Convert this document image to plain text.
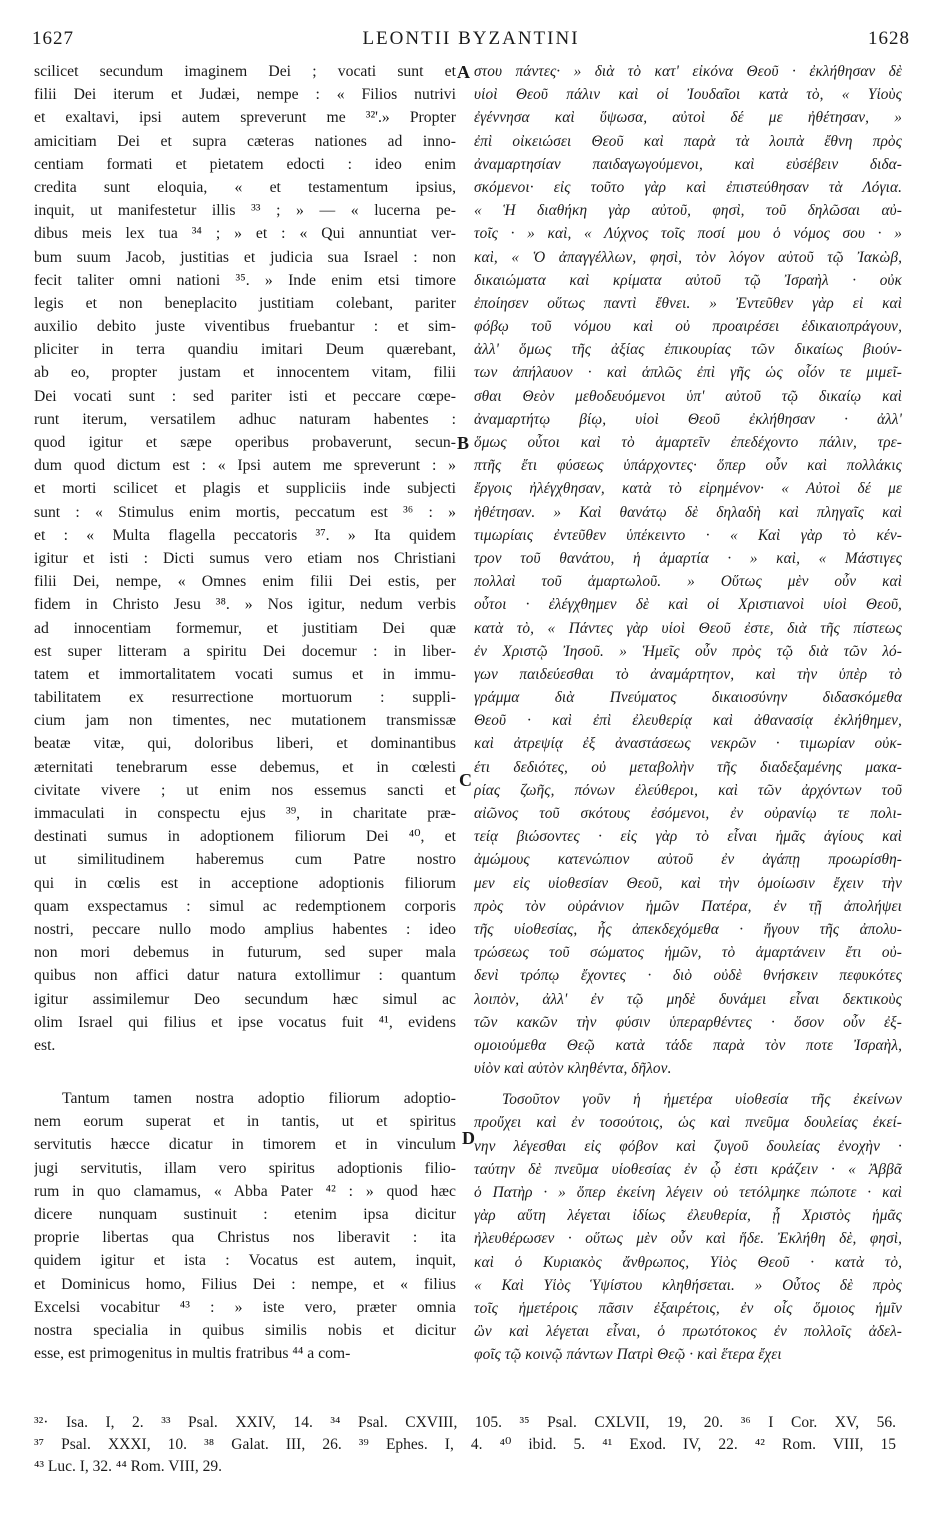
1627	LEONTII BYZANTINI	1628
scilicet secundum imaginem Dei ; vocati sunt et
filii Dei iterum et Judæi, nempe : « Filios nutrivi
et exaltavi, ipsi autem spreverunt me ³²'.» Propter
amicitiam Dei et supra cæteras nationes ad inno-
centiam formati et pietatem edocti : ideo enim
credita sunt eloquia, « et testamentum ipsius,
inquit, ut manifestetur illis ³³ ; » — « lucerna pe-
dibus meis lex tua ³⁴ ; » et : « Qui annuntiat ver-
bum suum Jacob, justitias et judicia sua Israel : non
fecit taliter omni nationi ³⁵. » Inde enim etsi timore
legis et non beneplacito justitiam colebant, pariter
auxilio debito juste viventibus fruebantur : et sim-
pliciter in terra quandiu imitari Deum quærebant,
ab eo, propter justam et innocentem vitam, filii
Dei vocati sunt : sed pariter isti et peccare cœpe-
runt iterum, versatilem adhuc naturam habentes :
quod igitur et sæpe operibus probaverunt, secun-
dum quod dictum est : « Ipsi autem me spreverunt : »
et morti scilicet et plagis et suppliciis inde subjecti
sunt : « Stimulus enim mortis, peccatum est ³⁶ : »
et : « Multa flagella peccatoris ³⁷. » Ita quidem
igitur et isti : Dicti sumus vero etiam nos Christiani
filii Dei, nempe, « Omnes enim filii Dei estis, per
fidem in Christo Jesu ³⁸. » Nos igitur, nedum verbis
ad innocentiam formemur, et justitiam Dei quæ
est super litteram a spiritu Dei docemur : in liber-
tatem et immortalitatem vocati sumus et in immu-
tabilitatem ex resurrectione mortuorum : suppli-
cium jam non timentes, nec mutationem transmissæ
beatæ vitæ, qui, doloribus liberi, et dominantibus
æternitati tenebrarum esse debemus, et in cœlesti
civitate vivere ; ut enim nos essemus sancti et
immaculati in conspectu ejus ³⁹, in charitate præ-
destinati sumus in adoptionem filiorum Dei ⁴⁰, et
ut similitudinem haberemus cum Patre nostro
qui in cœlis est in acceptione adoptionis filiorum
quam exspectamus : simul ac redemptionem corporis
nostri, peccare nullo modo amplius habentes : ideo
non mori debemus in futurum, sed super mala
quibus non affici datur natura extollimur : quantum
igitur assimilemur Deo secundum hæc simul ac
olim Israel qui filius et ipse vocatus fuit ⁴¹, evidens
est.
Tantum tamen nostra adoptio filiorum adoptio-
nem eorum superat et in tantis, ut et spiritus
servitutis hæcce dicatur in timorem et in vinculum
jugi servitutis, illam vero spiritus adoptionis filio-
rum in quo clamamus, « Abba Pater ⁴² : » quod hæc
dicere nunquam sustinuit : etenim ipsa dicitur
proprie libertas qua Christus nos liberavit : ita
quidem igitur et ista : Vocatus est autem, inquit,
et Dominicus homo, Filius Dei : nempe, et « filius
Excelsi vocabitur ⁴³ : » iste vero, præter omnia
nostra specialia in quibus similis nobis et dicitur
esse, est primogenitus in multis fratribus ⁴⁴ a com-
στου πάντες· » διὰ τὸ κατ' εἰκόνα Θεοῦ · ἐκλήθησαν δὲ
υἱοὶ Θεοῦ πάλιν καὶ οἱ Ἰουδαῖοι κατὰ τὸ, « Υἱοὺς
ἐγέννησα καὶ ὕψωσα, αὐτοὶ δέ με ἠθέτησαν, »
ἐπὶ οἰκειώσει Θεοῦ καὶ παρὰ τὰ λοιπὰ ἔθνη πρὸς
ἀναμαρτησίαν παιδαγωγούμενοι, καὶ εὐσέβειν διδα-
σκόμενοι· εἰς τοῦτο γὰρ καὶ ἐπιστεύθησαν τὰ Λόγια.
« Ἡ διαθήκη γὰρ αὐτοῦ, φησὶ, τοῦ δηλῶσαι αὐ-
τοῖς · » καὶ, « Λύχνος τοῖς ποσί μου ὁ νόμος σου · »
καὶ, « Ὁ ἀπαγγέλλων, φησὶ, τὸν λόγον αὐτοῦ τῷ Ἰακὼβ,
δικαιώματα καὶ κρίματα αὐτοῦ τῷ Ἰσραὴλ · οὐκ
ἐποίησεν οὕτως παντὶ ἔθνει. » Ἐντεῦθεν γὰρ εἰ καὶ
φόβῳ τοῦ νόμου καὶ οὐ προαιρέσει ἐδικαιοπράγουν,
ἀλλ' ὅμως τῆς ἀξίας ἐπικουρίας τῶν δικαίως βιούν-
των ἀπήλαυον · καὶ ἁπλῶς ἐπὶ γῆς ὡς οἷόν τε μιμεῖ-
σθαι Θεὸν μεθοδευόμενοι ὑπ' αὐτοῦ τῷ δικαίῳ καὶ
ἀναμαρτήτῳ βίῳ, υἱοὶ Θεοῦ ἐκλήθησαν · ἀλλ'
ὅμως οὗτοι καὶ τὸ ἁμαρτεῖν ἐπεδέχοντο πάλιν, τρε-
πτῆς ἔτι φύσεως ὑπάρχοντες· ὅπερ οὖν καὶ πολλάκις
ἔργοις ἠλέγχθησαν, κατὰ τὸ εἰρημένον· « Αὐτοὶ δέ με
ἠθέτησαν. » Καὶ θανάτῳ δὲ δηλαδὴ καὶ πληγαῖς καὶ
τιμωρίαις ἐντεῦθεν ὑπέκειντο · « Καὶ γὰρ τὸ κέν-
τρον τοῦ θανάτου, ἡ ἁμαρτία · » καὶ, « Μάστιγες
πολλαὶ τοῦ ἁμαρτωλοῦ. » Οὕτως μὲν οὖν καὶ
οὗτοι · ἐλέγχθημεν δὲ καὶ οἱ Χριστιανοὶ υἱοὶ Θεοῦ,
κατὰ τὸ, « Πάντες γὰρ υἱοὶ Θεοῦ ἐστε, διὰ τῆς πίστεως
ἐν Χριστῷ Ἰησοῦ. » Ἡμεῖς οὖν πρὸς τῷ διὰ τῶν λό-
γων παιδεύεσθαι τὸ ἀναμάρτητον, καὶ τὴν ὑπὲρ τὸ
γράμμα διὰ Πνεύματος δικαιοσύνην διδασκόμεθα
Θεοῦ · καὶ ἐπὶ ἐλευθερίᾳ καὶ ἀθανασίᾳ ἐκλήθημεν,
καὶ ἀτρεψίᾳ ἐξ ἀναστάσεως νεκρῶν · τιμωρίαν οὐκ-
έτι δεδιότες, οὐ μεταβολὴν τῆς διαδεξαμένης μακα-
ρίας ζωῆς, πόνων ἐλεύθεροι, καὶ τῶν ἀρχόντων τοῦ
αἰῶνος τοῦ σκότους ἐσόμενοι, ἐν οὐρανίῳ τε πολι-
τείᾳ βιώσοντες · εἰς γὰρ τὸ εἶναι ἡμᾶς ἁγίους καὶ
ἀμώμους κατενώπιον αὐτοῦ ἐν ἀγάπῃ προωρίσθη-
μεν εἰς υἱοθεσίαν Θεοῦ, καὶ τὴν ὁμοίωσιν ἔχειν τὴν
πρὸς τὸν οὐράνιον ἡμῶν Πατέρα, ἐν τῇ ἀπολήψει
τῆς υἱοθεσίας, ἧς ἀπεκδεχόμεθα · ἤγουν τῆς ἀπολυ-
τρώσεως τοῦ σώματος ἡμῶν, τὸ ἁμαρτάνειν ἔτι οὐ-
δενὶ τρόπῳ ἔχοντες · διὸ οὐδὲ θνήσκειν πεφυκότες
λοιπὸν, ἀλλ' ἐν τῷ μηδὲ δυνάμει εἶναι δεκτικοὺς
τῶν κακῶν τὴν φύσιν ὑπεραρθέντες · ὅσον οὖν ἐξ-
ομοιούμεθα Θεῷ κατὰ τάδε παρὰ τὸν ποτε Ἰσραὴλ,
υἱὸν καὶ αὐτὸν κληθέντα, δῆλον.
Τοσοῦτον γοῦν ἡ ἡμετέρα υἱοθεσία τῆς ἐκείνων
προὔχει καὶ ἐν τοσούτοις, ὡς καὶ πνεῦμα δουλείας ἐκεί-
νην λέγεσθαι εἰς φόβον καὶ ζυγοῦ δουλείας ἐνοχὴν ·
ταύτην δὲ πνεῦμα υἱοθεσίας ἐν ᾧ ἐστι κράζειν · « Ἀββᾶ
ὁ Πατὴρ · » ὅπερ ἐκείνη λέγειν οὐ τετόλμηκε πώποτε · καὶ
γὰρ αὕτη λέγεται ἰδίως ἐλευθερία, ᾗ Χριστὸς ἡμᾶς
ἠλευθέρωσεν · οὕτως μὲν οὖν καὶ ἥδε. Ἐκλήθη δὲ, φησὶ,
καὶ ὁ Κυριακὸς ἄνθρωπος, Υἱὸς Θεοῦ · κατὰ τὸ,
« Καὶ Υἱὸς Ὑψίστου κληθήσεται. » Οὗτος δὲ πρὸς
τοῖς ἡμετέροις πᾶσιν ἐξαιρέτοις, ἐν οἷς ὅμοιος ἡμῖν
ὢν καὶ λέγεται εἶναι, ὁ πρωτότοκος ἐν πολλοῖς ἀδελ-
φοῖς τῷ κοινῷ πάντων Πατρὶ Θεῷ · καὶ ἕτερα ἔχει
A
B
C
D
³²· Isa. I, 2. ³³ Psal. XXIV, 14. ³⁴ Psal. CXVIII, 105. ³⁵ Psal. CXLVII, 19, 20. ³⁶ I Cor. XV, 56.
³⁷ Psal. XXXI, 10. ³⁸ Galat. III, 26. ³⁹ Ephes. I, 4. ⁴⁰ ibid. 5. ⁴¹ Exod. IV, 22. ⁴² Rom. VIII, 15
⁴³ Luc. I, 32. ⁴⁴ Rom. VIII, 29.
